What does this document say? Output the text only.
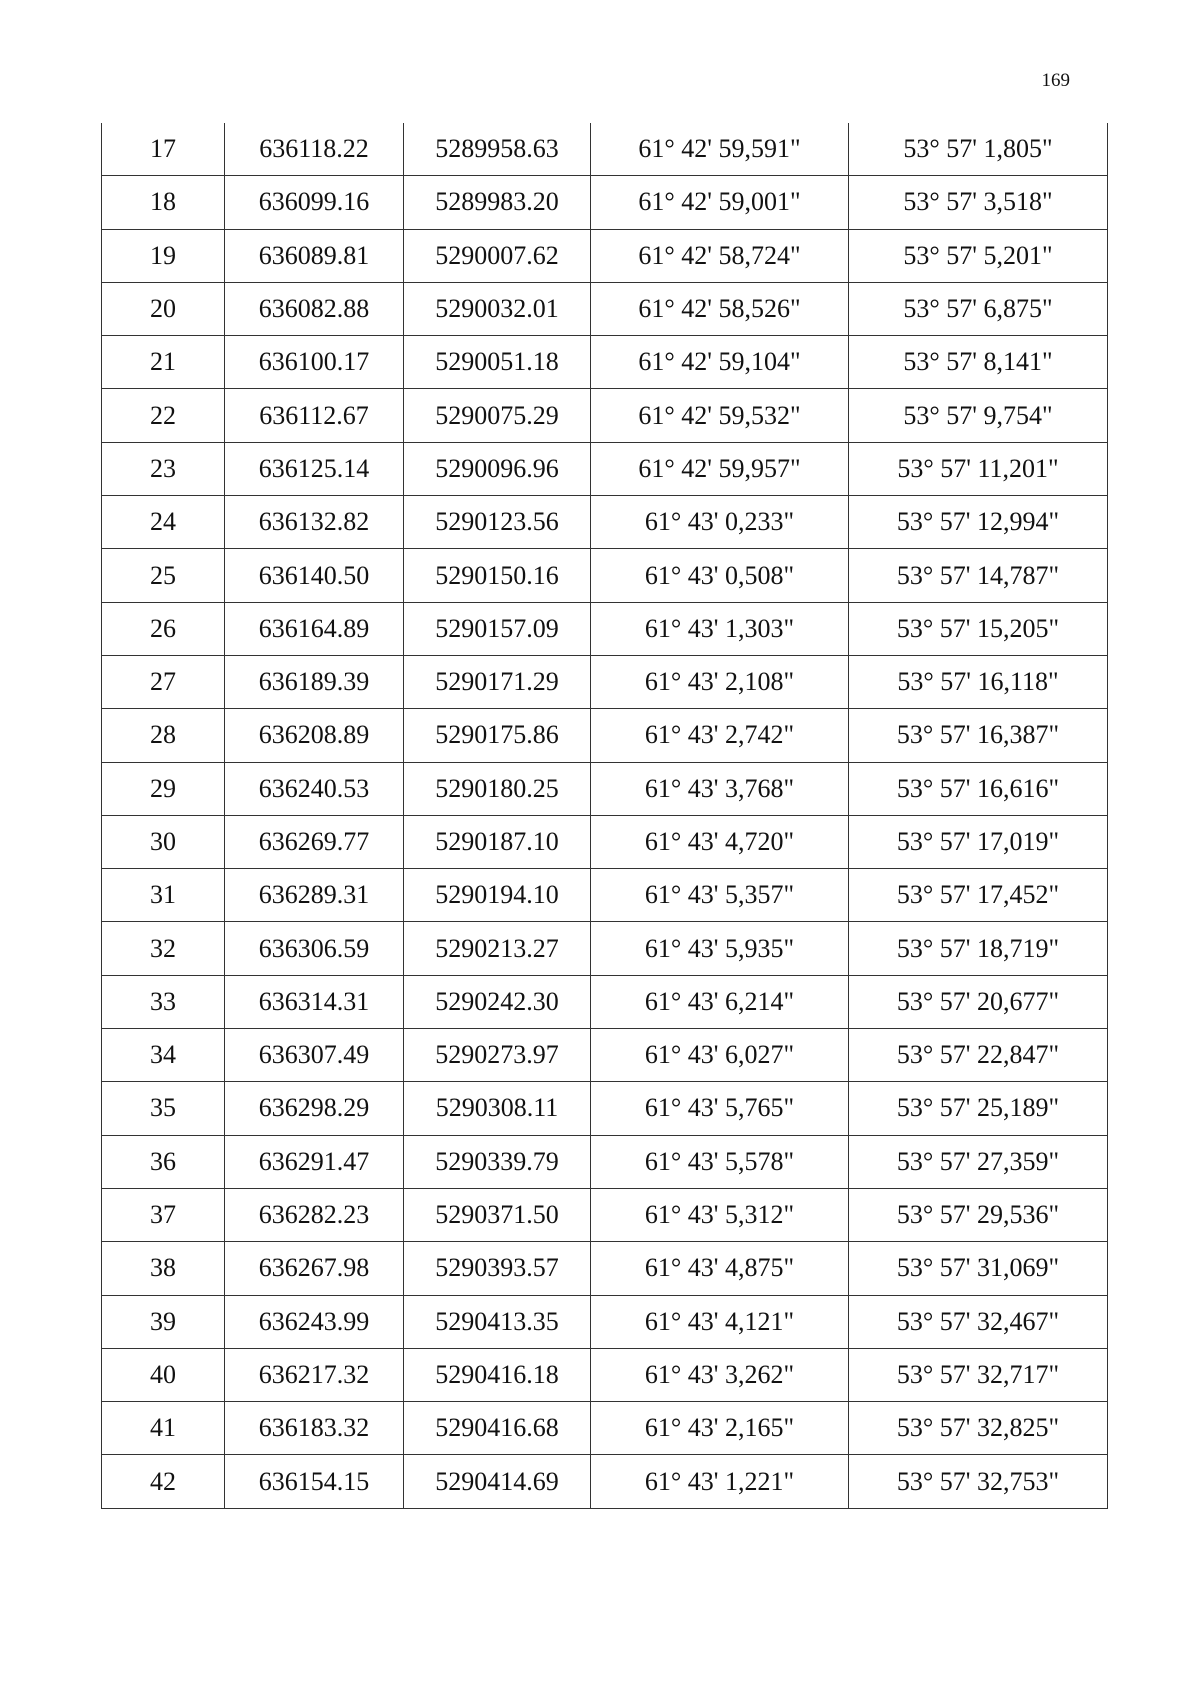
169
17	636118.22	5289958.63	61° 42' 59,591"	53° 57' 1,805"
18	636099.16	5289983.20	61° 42' 59,001"	53° 57' 3,518"
19	636089.81	5290007.62	61° 42' 58,724"	53° 57' 5,201"
20	636082.88	5290032.01	61° 42' 58,526"	53° 57' 6,875"
21	636100.17	5290051.18	61° 42' 59,104"	53° 57' 8,141"
22	636112.67	5290075.29	61° 42' 59,532"	53° 57' 9,754"
23	636125.14	5290096.96	61° 42' 59,957"	53° 57' 11,201"
24	636132.82	5290123.56	61° 43' 0,233"	53° 57' 12,994"
25	636140.50	5290150.16	61° 43' 0,508"	53° 57' 14,787"
26	636164.89	5290157.09	61° 43' 1,303"	53° 57' 15,205"
27	636189.39	5290171.29	61° 43' 2,108"	53° 57' 16,118"
28	636208.89	5290175.86	61° 43' 2,742"	53° 57' 16,387"
29	636240.53	5290180.25	61° 43' 3,768"	53° 57' 16,616"
30	636269.77	5290187.10	61° 43' 4,720"	53° 57' 17,019"
31	636289.31	5290194.10	61° 43' 5,357"	53° 57' 17,452"
32	636306.59	5290213.27	61° 43' 5,935"	53° 57' 18,719"
33	636314.31	5290242.30	61° 43' 6,214"	53° 57' 20,677"
34	636307.49	5290273.97	61° 43' 6,027"	53° 57' 22,847"
35	636298.29	5290308.11	61° 43' 5,765"	53° 57' 25,189"
36	636291.47	5290339.79	61° 43' 5,578"	53° 57' 27,359"
37	636282.23	5290371.50	61° 43' 5,312"	53° 57' 29,536"
38	636267.98	5290393.57	61° 43' 4,875"	53° 57' 31,069"
39	636243.99	5290413.35	61° 43' 4,121"	53° 57' 32,467"
40	636217.32	5290416.18	61° 43' 3,262"	53° 57' 32,717"
41	636183.32	5290416.68	61° 43' 2,165"	53° 57' 32,825"
42	636154.15	5290414.69	61° 43' 1,221"	53° 57' 32,753"
